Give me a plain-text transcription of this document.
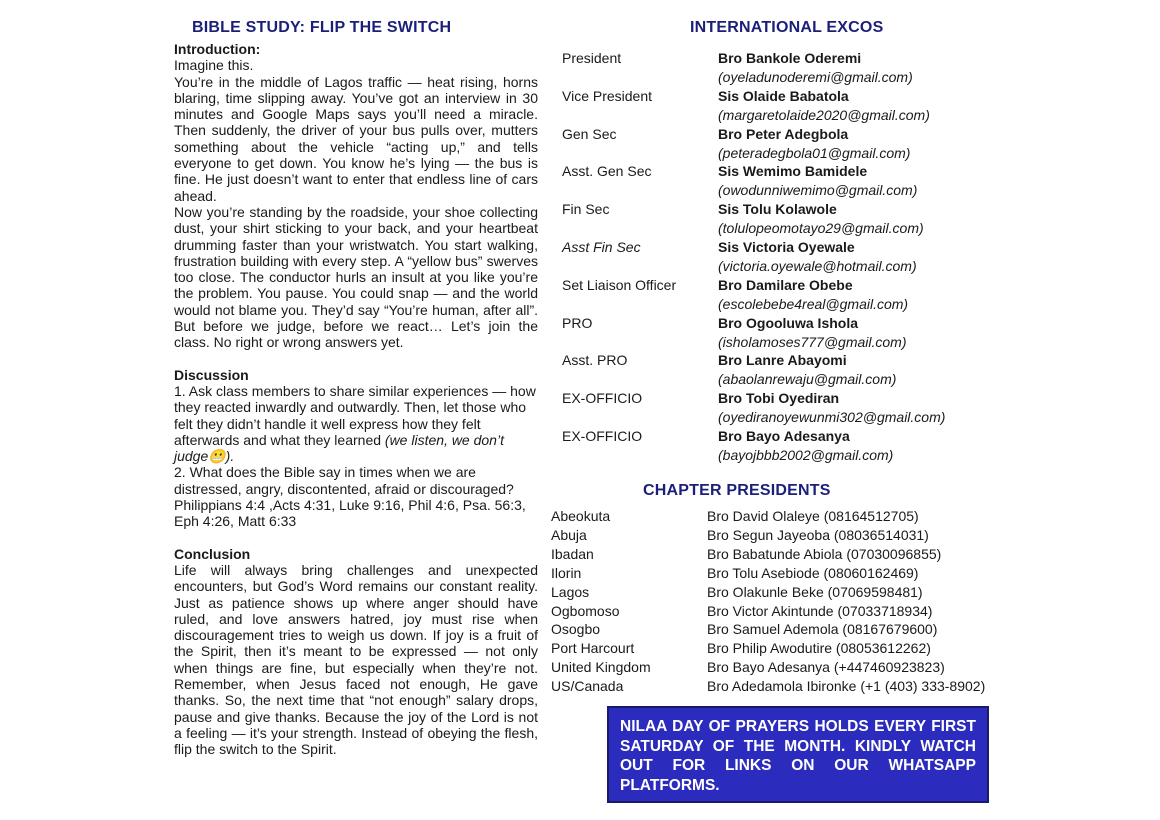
BIBLE STUDY: FLIP THE SWITCH

Introduction:

Imagine this.

You’re in the middle of Lagos traffic — heat rising, horns blaring, time slipping away. You’ve got an interview in 30 minutes and Google Maps says you’ll need a miracle. Then suddenly, the driver of your bus pulls over, mutters something about the vehicle “acting up,” and tells everyone to get down. You know he’s lying — the bus is fine. He just doesn’t want to enter that endless line of cars ahead.

Now you’re standing by the roadside, your shoe collecting dust, your shirt sticking to your back, and your heartbeat drumming faster than your wristwatch. You start walking, frustration building with every step. A “yellow bus” swerves too close. The conductor hurls an insult at you like you’re the problem. You pause. You could snap — and the world would not blame you. They’d say “You’re human, after all”. But before we judge, before we react… Let’s join the class. No right or wrong answers yet.

Discussion

1. Ask class members to share similar experiences — how they reacted inwardly and outwardly. Then, let those who felt they didn’t handle it well express how they felt afterwards and what they learned (we listen, we don’t judge😬).

2. What does the Bible say in times when we are distressed, angry, discontented, afraid or discouraged?

Philippians 4:4 ,Acts 4:31, Luke 9:16, Phil 4:6, Psa. 56:3, Eph 4:26, Matt 6:33

Conclusion

Life will always bring challenges and unexpected encounters, but God’s Word remains our constant reality. Just as patience shows up where anger should have ruled, and love answers hatred, joy must rise when discouragement tries to weigh us down. If joy is a fruit of the Spirit, then it’s meant to be expressed — not only when things are fine, but especially when they’re not. Remember, when Jesus faced not enough, He gave thanks. So, the next time that “not enough” salary drops, pause and give thanks. Because the joy of the Lord is not a feeling — it’s your strength. Instead of obeying the flesh, flip the switch to the Spirit.

INTERNATIONAL EXCOS
President	Bro Bankole Oderemi
(oyeladunoderemi@gmail.com)
Vice President	Sis Olaide Babatola
(margaretolaide2020@gmail.com)
Gen Sec	Bro Peter Adegbola
(peteradegbola01@gmail.com)
Asst. Gen Sec	Sis Wemimo Bamidele
(owodunniwemimo@gmail.com)
Fin Sec	Sis Tolu Kolawole
(tolulopeomotayo29@gmail.com)
Asst Fin Sec	Sis Victoria Oyewale
(victoria.oyewale@hotmail.com)
Set Liaison Officer	Bro Damilare Obebe
(escolebebe4real@gmail.com)
PRO	Bro Ogooluwa Ishola
(isholamoses777@gmail.com)
Asst. PRO	Bro Lanre Abayomi
(abaolanrewaju@gmail.com)
EX-OFFICIO	Bro Tobi Oyediran
(oyediranoyewunmi302@gmail.com)
EX-OFFICIO	Bro Bayo Adesanya
(bayojbbb2002@gmail.com)
CHAPTER PRESIDENTS
Abeokuta	Bro David Olaleye (08164512705)
Abuja	Bro Segun Jayeoba (08036514031)
Ibadan	Bro Babatunde Abiola (07030096855)
Ilorin	Bro Tolu Asebiode (08060162469)
Lagos	Bro Olakunle Beke (07069598481)
Ogbomoso	Bro Victor Akintunde (07033718934)
Osogbo	Bro Samuel Ademola (08167679600)
Port Harcourt	Bro Philip Awodutire (08053612262)
United Kingdom	Bro Bayo Adesanya (+447460923823)
US/Canada	Bro Adedamola Ibironke (+1 (403) 333-8902)
NILAA DAY OF PRAYERS HOLDS EVERY FIRST SATURDAY OF THE MONTH. KINDLY WATCH OUT FOR LINKS ON OUR WHATSAPP PLATFORMS.
